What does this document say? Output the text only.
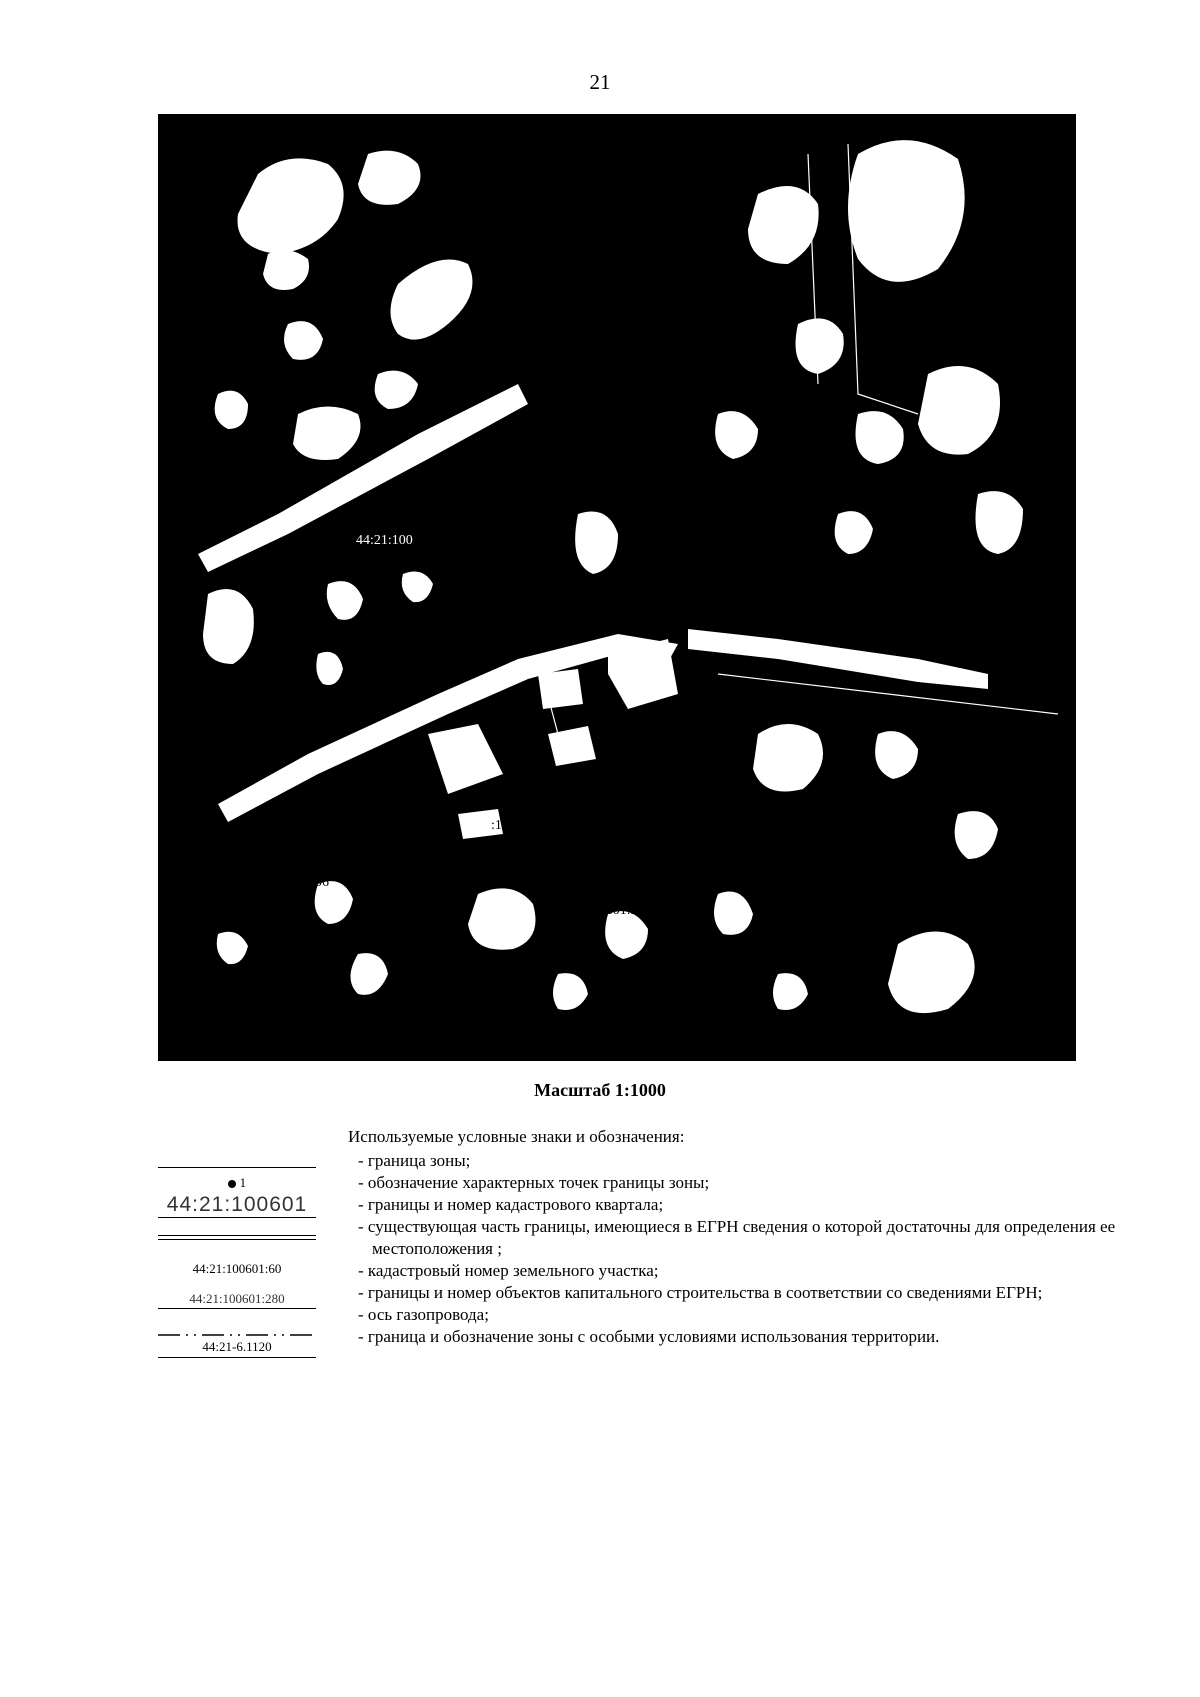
21
12
13
44:21:100
44:21-6.1120
:100
006
:21:100601:30
Масштаб 1:1000
Используемые условные знаки и обозначения:
- граница зоны;
- обозначение характерных точек границы зоны;
- границы и номер кадастрового квартала;
- существующая часть границы, имеющиеся в ЕГРН сведения о которой достаточны для определения ее местоположения ;
- кадастровый номер земельного участка;
- границы и номер объектов капитального строительства в соответствии со сведениями ЕГРН;
- ось газопровода;
- граница и обозначение зоны с особыми условиями использования территории.
1
44:21:100601
44:21:100601:60
44:21:100601:280
44:21-6.1120
